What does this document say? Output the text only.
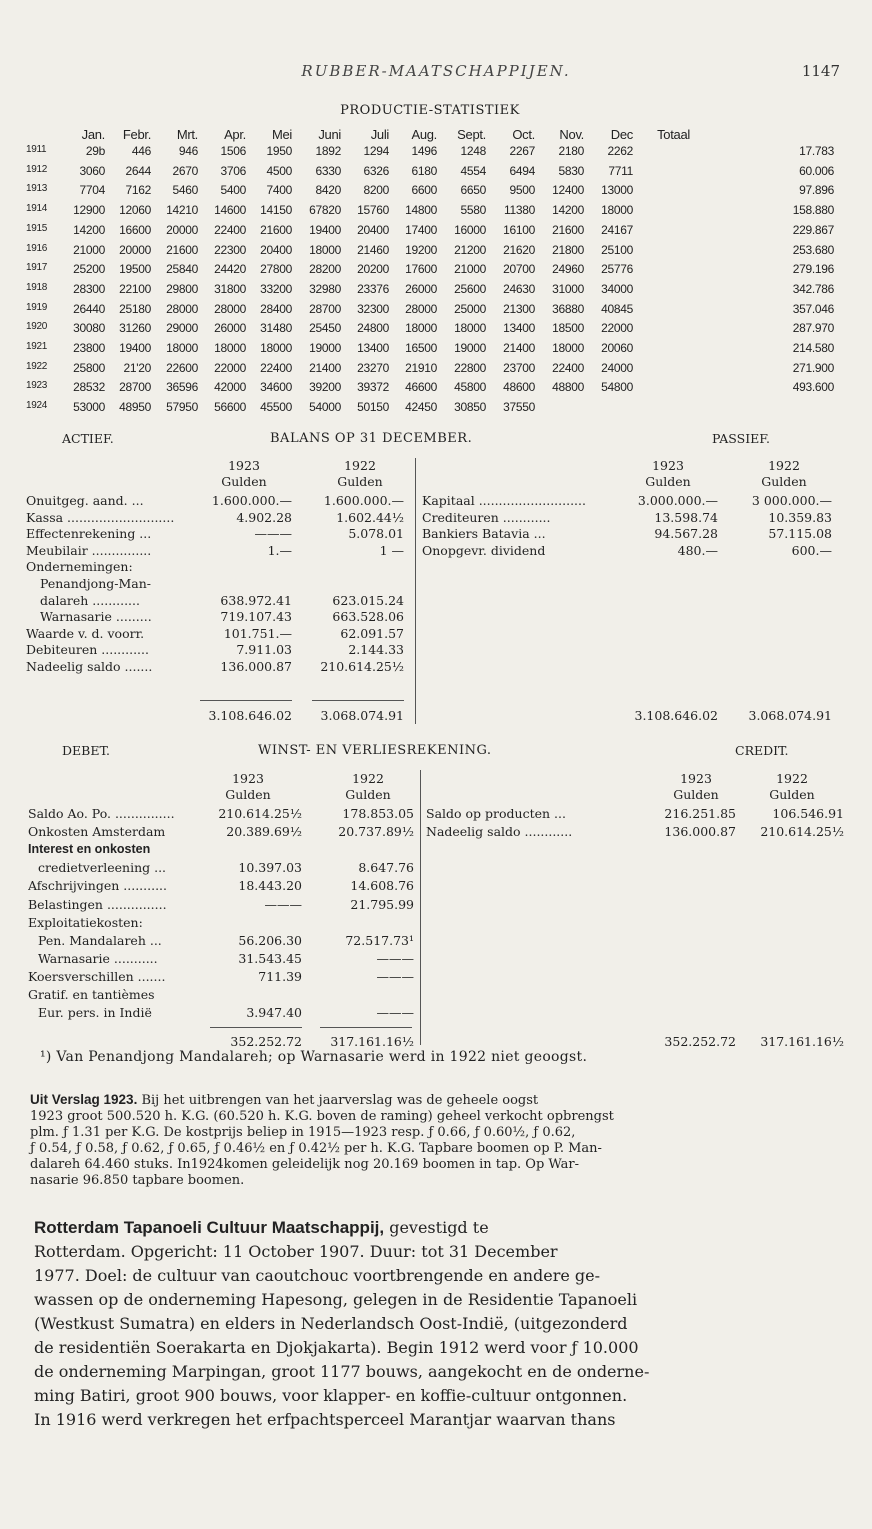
RUBBER-MAATSCHAPPIJEN.	1147
PRODUCTIE-STATISTIEK
Jan.	Febr.	Mrt.	Apr.	Mei	Juni	Juli	Aug.	Sept.	Oct.	Nov.	Dec	Totaal
1911	29b	446	946	1506	1950	1892	1294	1496	1248	2267	2180	2262	17.783
1912	3060	2644	2670	3706	4500	6330	6326	6180	4554	6494	5830	7711	60.006
1913	7704	7162	5460	5400	7400	8420	8200	6600	6650	9500	12400	13000	97.896
1914	12900	12060	14210	14600	14150	67820	15760	14800	5580	11380	14200	18000	158.880
1915	14200	16600	20000	22400	21600	19400	20400	17400	16000	16100	21600	24167	229.867
1916	21000	20000	21600	22300	20400	18000	21460	19200	21200	21620	21800	25100	253.680
1917	25200	19500	25840	24420	27800	28200	20200	17600	21000	20700	24960	25776	279.196
1918	28300	22100	29800	31800	33200	32980	23376	26000	25600	24630	31000	34000	342.786
1919	26440	25180	28000	28000	28400	28700	32300	28000	25000	21300	36880	40845	357.046
1920	30080	31260	29000	26000	31480	25450	24800	18000	18000	13400	18500	22000	287.970
1921	23800	19400	18000	18000	18000	19000	13400	16500	19000	21400	18000	20060	214.580
1922	25800	21'20	22600	22000	22400	21400	23270	21910	22800	23700	22400	24000	271.900
1923	28532	28700	36596	42000	34600	39200	39372	46600	45800	48600	48800	54800	493.600
1924	53000	48950	57950	56600	45500	54000	50150	42450	30850	37550
ACTIEF.	BALANS OP 31 DECEMBER.	PASSIEF.
1923	1922
Gulden	Gulden
1923	1922
Gulden	Gulden
Onuitgeg. aand. ...	1.600.000.—	1.600.000.—
Kassa ...........................	4.902.28	1.602.44½
Effectenrekening ...	———	5.078.01
Meubilair ...............	1.—	1 —
Ondernemingen:
Penandjong-Man-
dalareh ............	638.972.41	623.015.24
Warnasarie .........	719.107.43	663.528.06
Waarde v. d. voorr.	101.751.—	62.091.57
Debiteuren ............	7.911.03	2.144.33
Nadeelig saldo .......	136.000.87	210.614.25½
Kapitaal ...........................	3.000.000.—	3 000.000.—
Crediteuren ............	13.598.74	10.359.83
Bankiers Batavia ...	94.567.28	57.115.08
Onopgevr. dividend	480.—	600.—
3.108.646.02	3.068.074.91	3.108.646.02	3.068.074.91
DEBET.	WINST- EN VERLIESREKENING.	CREDIT.
1923	1922
Gulden	Gulden
1923	1922
Gulden	Gulden
Saldo Ao. Po. ...............	210.614.25½	178.853.05
Onkosten Amsterdam	20.389.69½	20.737.89½
Interest en onkosten
credietverleening ...	10.397.03	8.647.76
Afschrijvingen ...........	18.443.20	14.608.76
Belastingen ...............	———	21.795.99
Exploitatiekosten:
Pen. Mandalareh ...	56.206.30	72.517.73¹
Warnasarie ...........	31.543.45	———
Koersverschillen .......	711.39	———
Gratif. en tantièmes
Eur. pers. in Indië	3.947.40	———
Saldo op producten ...	216.251.85	106.546.91
Nadeelig saldo ............	136.000.87	210.614.25½
352.252.72	317.161.16½	352.252.72	317.161.16½
¹) Van Penandjong Mandalareh; op Warnasarie werd in 1922 niet geoogst.
Uit Verslag 1923. Bij het uitbrengen van het jaarverslag was de geheele oogst
1923 groot 500.520 h. K.G. (60.520 h. K.G. boven de raming) geheel verkocht opbrengst
plm. ƒ 1.31 per K.G. De kostprijs beliep in 1915—1923 resp. ƒ 0.66, ƒ 0.60½, ƒ 0.62,
ƒ 0.54, ƒ 0.58, ƒ 0.62, ƒ 0.65, ƒ 0.46½ en ƒ 0.42½ per h. K.G. Tapbare boomen op P. Man-
dalareh 64.460 stuks. In1924komen geleidelijk nog 20.169 boomen in tap. Op War-
nasarie 96.850 tapbare boomen.
Rotterdam Tapanoeli Cultuur Maatschappij, gevestigd te
Rotterdam. Opgericht: 11 October 1907. Duur: tot 31 December
1977. Doel: de cultuur van caoutchouc voortbrengende en andere ge-
wassen op de onderneming Hapesong, gelegen in de Residentie Tapanoeli
(Westkust Sumatra) en elders in Nederlandsch Oost-Indië, (uitgezonderd
de residentiën Soerakarta en Djokjakarta). Begin 1912 werd voor ƒ 10.000
de onderneming Marpingan, groot 1177 bouws, aangekocht en de onderne-
ming Batiri, groot 900 bouws, voor klapper- en koffie-cultuur ontgonnen.
In 1916 werd verkregen het erfpachtsperceel Marantjar waarvan thans
